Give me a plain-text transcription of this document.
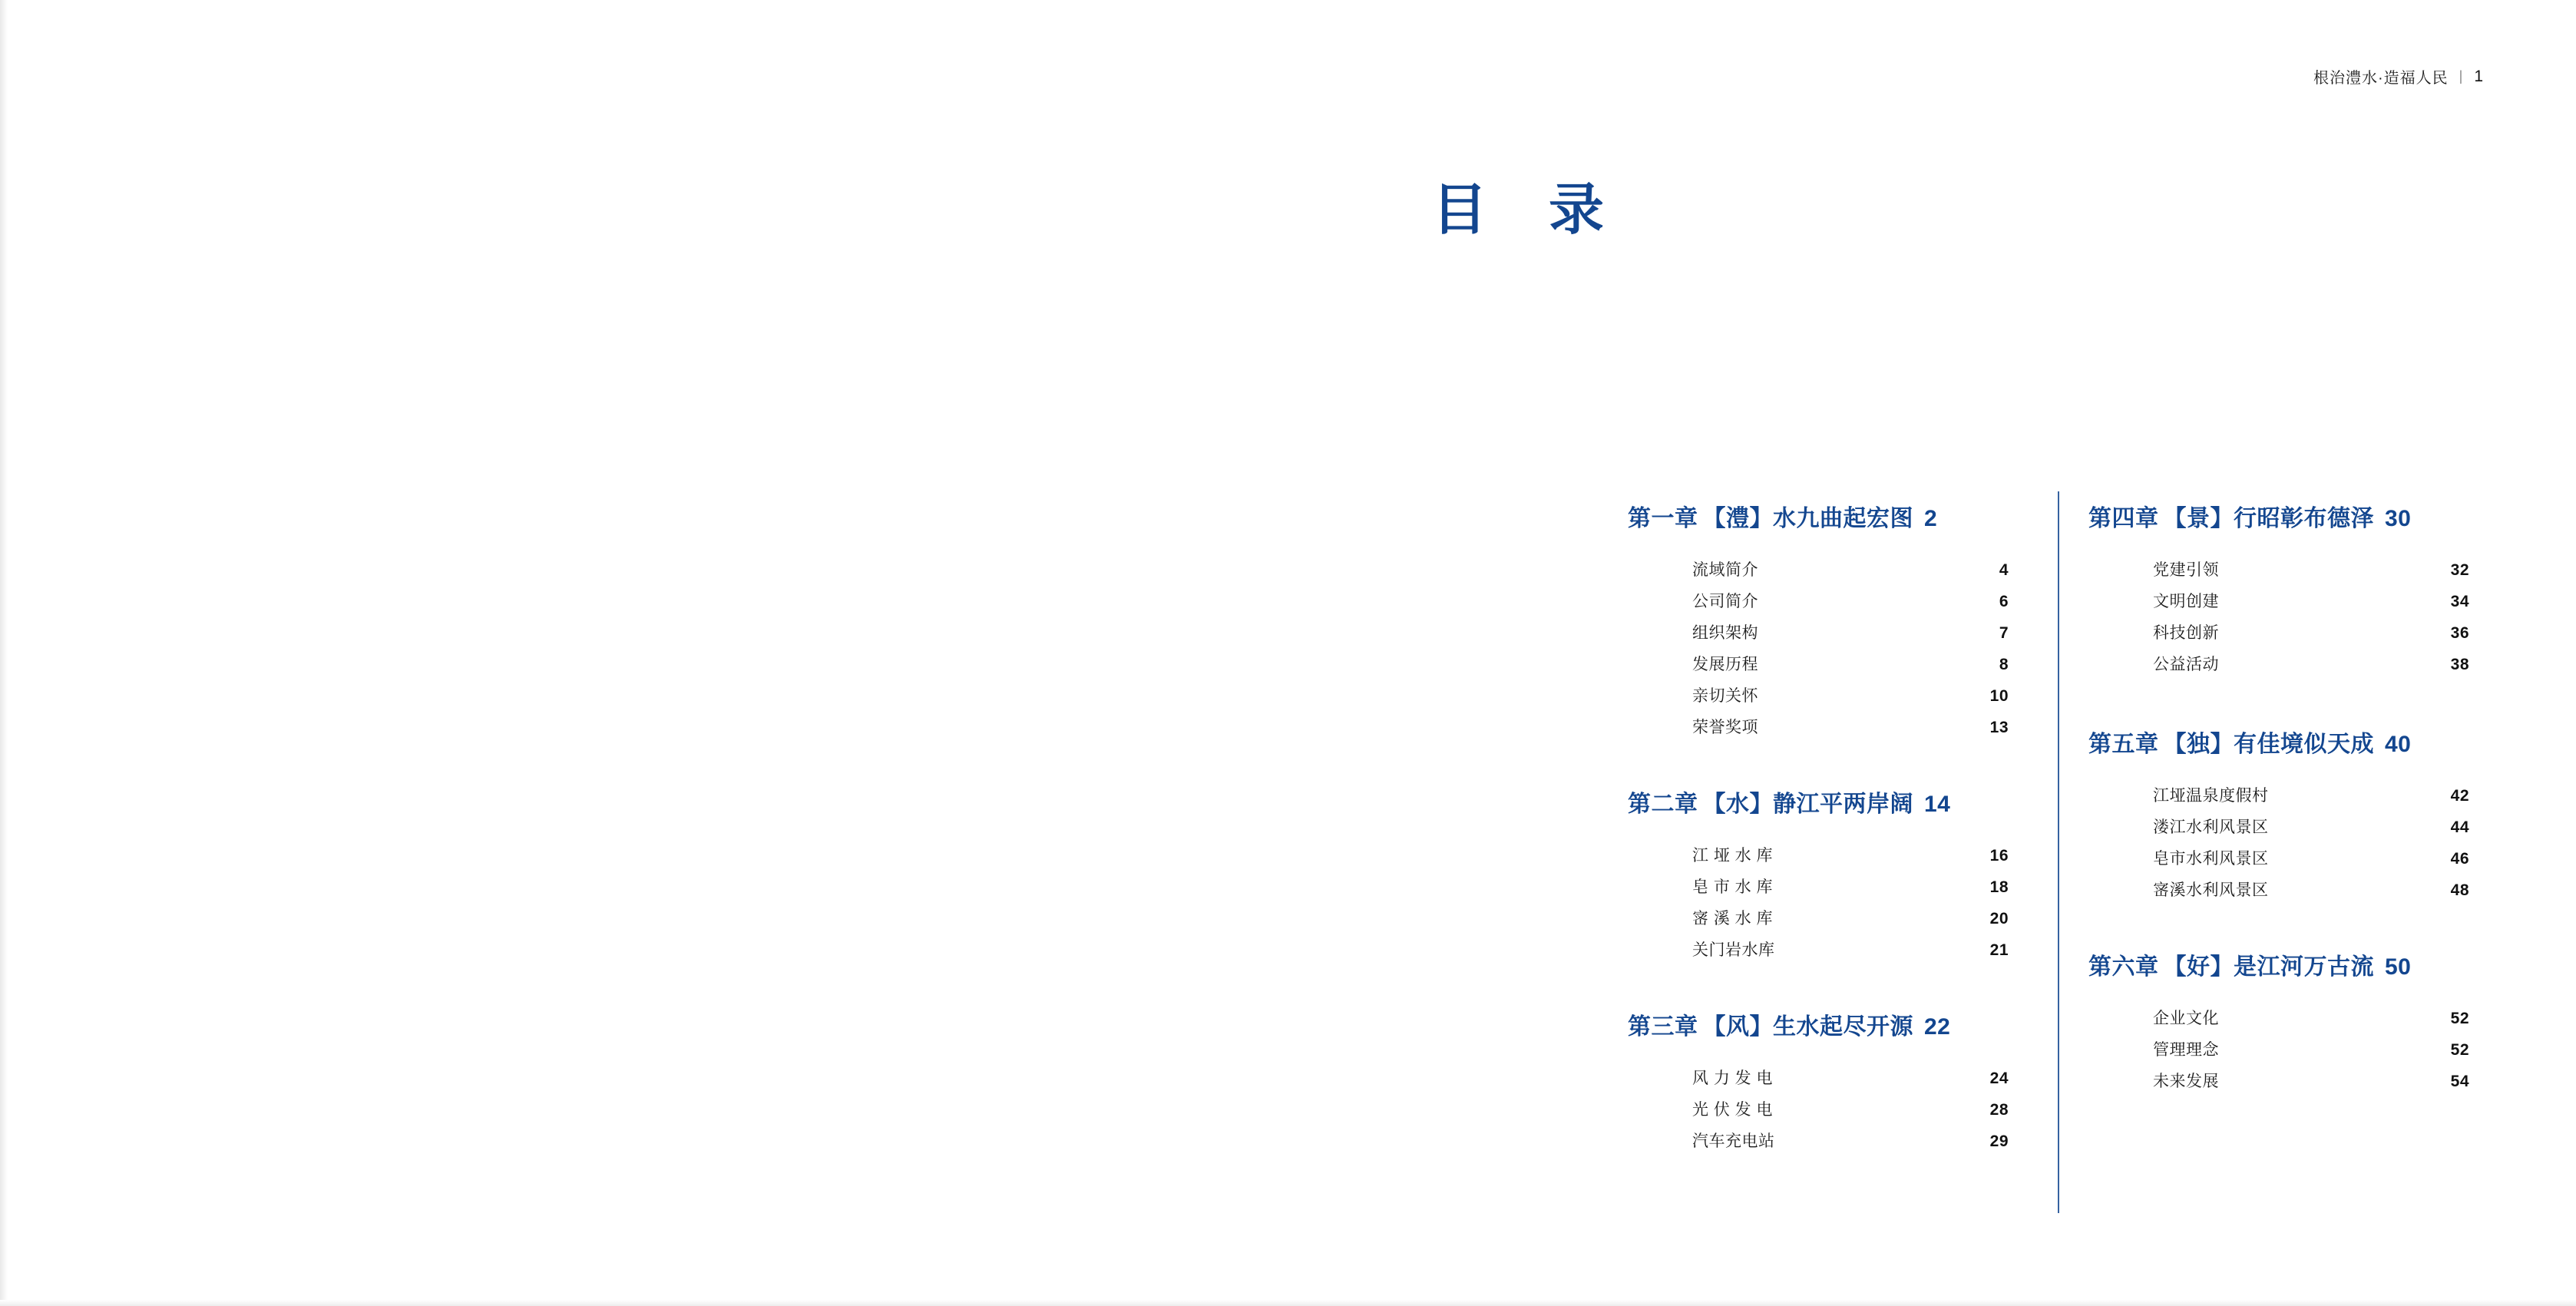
根治澧水·造福人民 | 1
目 录
第一章 【澧】水九曲起宏图 2
流域简介	4
公司简介	6
组织架构	7
发展历程	8
亲切关怀	10
荣誉奖项	13
第二章 【水】静江平两岸阔 14
江 垭 水 库	16
皂 市 水 库	18
宻 溪 水 库	20
关门岩水库	21
第三章 【风】生水起尽开源 22
风 力 发 电	24
光 伏 发 电	28
汽车充电站	29
第四章 【景】行昭彰布德泽 30
党建引领	32
文明创建	34
科技创新	36
公益活动	38
第五章 【独】有佳境似天成 40
江垭温泉度假村	42
溇江水利风景区	44
皂市水利风景区	46
宻溪水利风景区	48
第六章 【好】是江河万古流 50
企业文化	52
管理理念	52
未来发展	54
